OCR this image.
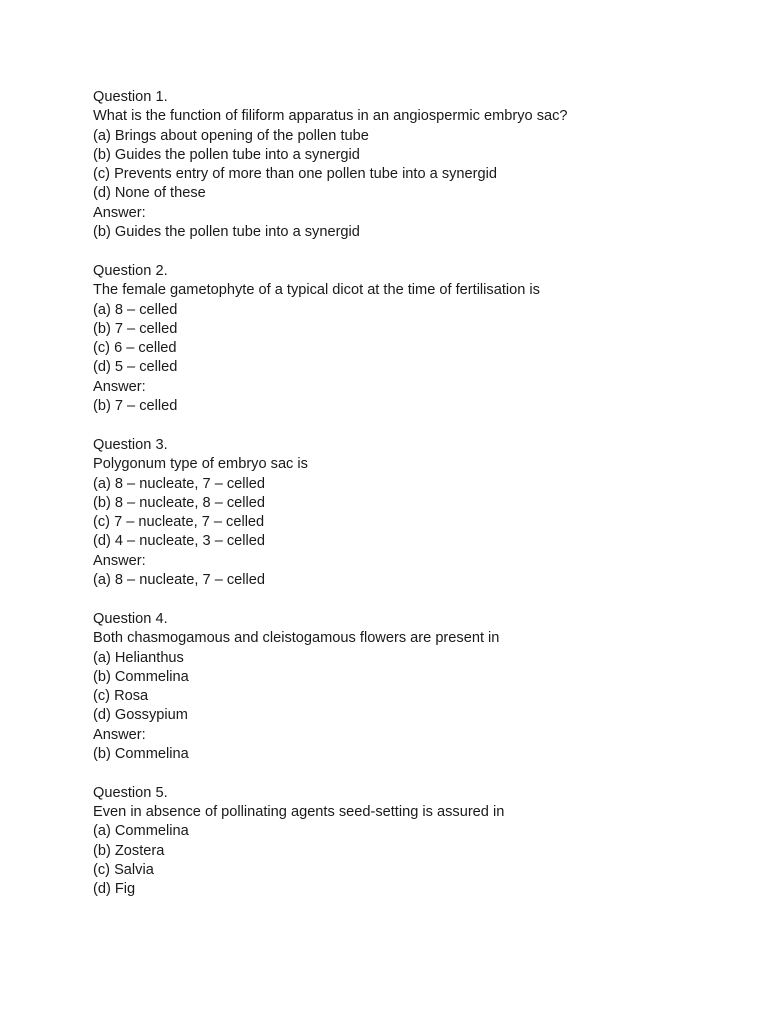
Question 1.
What is the function of filiform apparatus in an angiospermic embryo sac?
(a) Brings about opening of the pollen tube
(b) Guides the pollen tube into a synergid
(c) Prevents entry of more than one pollen tube into a synergid
(d) None of these
Answer:
(b) Guides the pollen tube into a synergid
Question 2.
The female gametophyte of a typical dicot at the time of fertilisation is
(a) 8 – celled
(b) 7 – celled
(c) 6 – celled
(d) 5 – celled
Answer:
(b) 7 – celled
Question 3.
Polygonum type of embryo sac is
(a) 8 – nucleate, 7 – celled
(b) 8 – nucleate, 8 – celled
(c) 7 – nucleate, 7 – celled
(d) 4 – nucleate, 3 – celled
Answer:
(a) 8 – nucleate, 7 – celled
Question 4.
Both chasmogamous and cleistogamous flowers are present in
(a) Helianthus
(b) Commelina
(c) Rosa
(d) Gossypium
Answer:
(b) Commelina
Question 5.
Even in absence of pollinating agents seed-setting is assured in
(a) Commelina
(b) Zostera
(c) Salvia
(d) Fig
